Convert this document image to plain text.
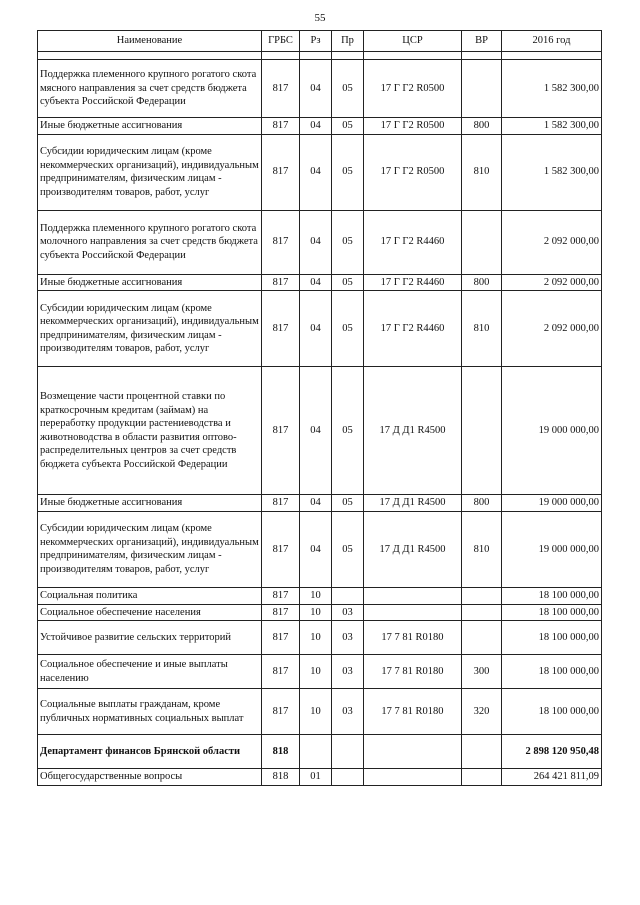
55
Наименование	ГРБС	Рз	Пр	ЦСР	ВР	2016 год

Поддержка племенного крупного рогатого скота мясного направления за счет средств бюджета субъекта Российской Федерации	817	04	05	17 Г Г2 R0500		1 582 300,00
Иные бюджетные ассигнования	817	04	05	17 Г Г2 R0500	800	1 582 300,00
Субсидии юридическим лицам (кроме некоммерческих организаций), индивидуальным предпринимателям, физическим лицам - производителям товаров, работ, услуг	817	04	05	17 Г Г2 R0500	810	1 582 300,00
Поддержка племенного крупного рогатого скота молочного направления за счет средств бюджета субъекта Российской Федерации	817	04	05	17 Г Г2 R4460		2 092 000,00
Иные бюджетные ассигнования	817	04	05	17 Г Г2 R4460	800	2 092 000,00
Субсидии юридическим лицам (кроме некоммерческих организаций), индивидуальным предпринимателям, физическим лицам - производителям товаров, работ, услуг	817	04	05	17 Г Г2 R4460	810	2 092 000,00
Возмещение части процентной ставки по краткосрочным кредитам (займам) на переработку продукции растениеводства и животноводства в области развития оптово-распределительных центров за счет средств бюджета субъекта Российской Федерации	817	04	05	17 Д Д1 R4500		19 000 000,00
Иные бюджетные ассигнования	817	04	05	17 Д Д1 R4500	800	19 000 000,00
Субсидии юридическим лицам (кроме некоммерческих организаций), индивидуальным предпринимателям, физическим лицам - производителям товаров, работ, услуг	817	04	05	17 Д Д1 R4500	810	19 000 000,00
Социальная политика	817	10				18 100 000,00
Социальное обеспечение населения	817	10	03			18 100 000,00
Устойчивое развитие сельских территорий	817	10	03	17 7 81 R0180		18 100 000,00
Социальное обеспечение и иные выплаты населению	817	10	03	17 7 81 R0180	300	18 100 000,00
Социальные выплаты гражданам, кроме публичных нормативных социальных выплат	817	10	03	17 7 81 R0180	320	18 100 000,00
Департамент финансов Брянской области	818					2 898 120 950,48
Общегосударственные вопросы	818	01				264 421 811,09
